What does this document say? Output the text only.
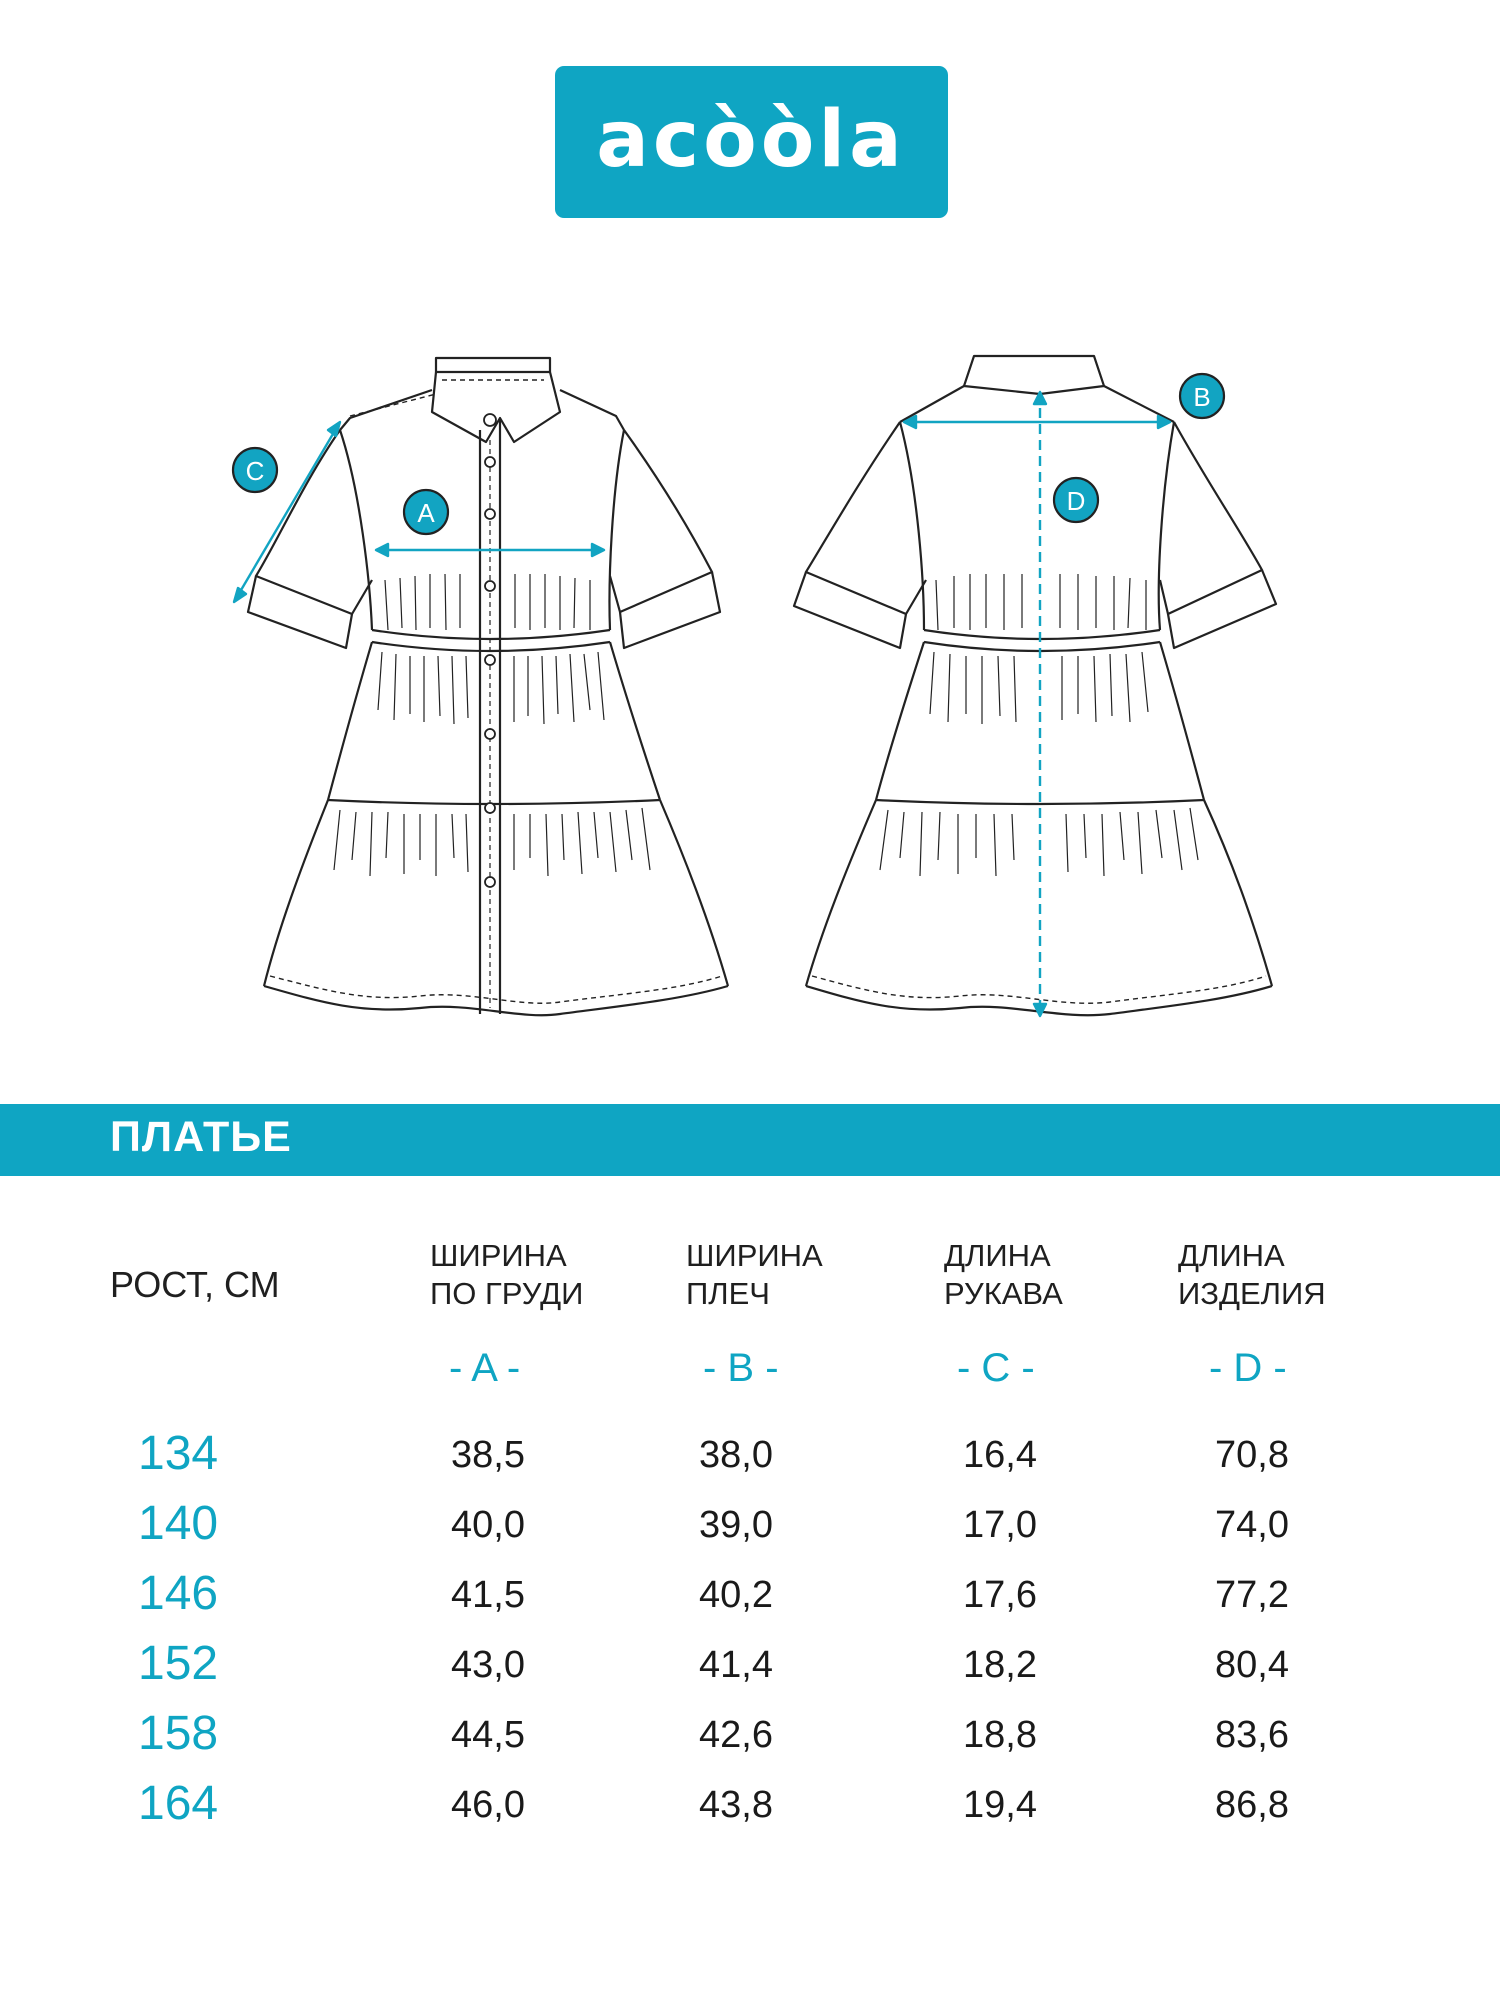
acòòla
A
C
B
D
ПЛАТЬЕ
РОСТ, СМ
ШИРИНА
ПО ГРУДИ
ШИРИНА
ПЛЕЧ
ДЛИНА
РУКАВА
ДЛИНА
ИЗДЕЛИЯ
- A -	- B -	- C -	- D -
134	38,5	38,0	16,4	70,8
140	40,0	39,0	17,0	74,0
146	41,5	40,2	17,6	77,2
152	43,0	41,4	18,2	80,4
158	44,5	42,6	18,8	83,6
164	46,0	43,8	19,4	86,8
